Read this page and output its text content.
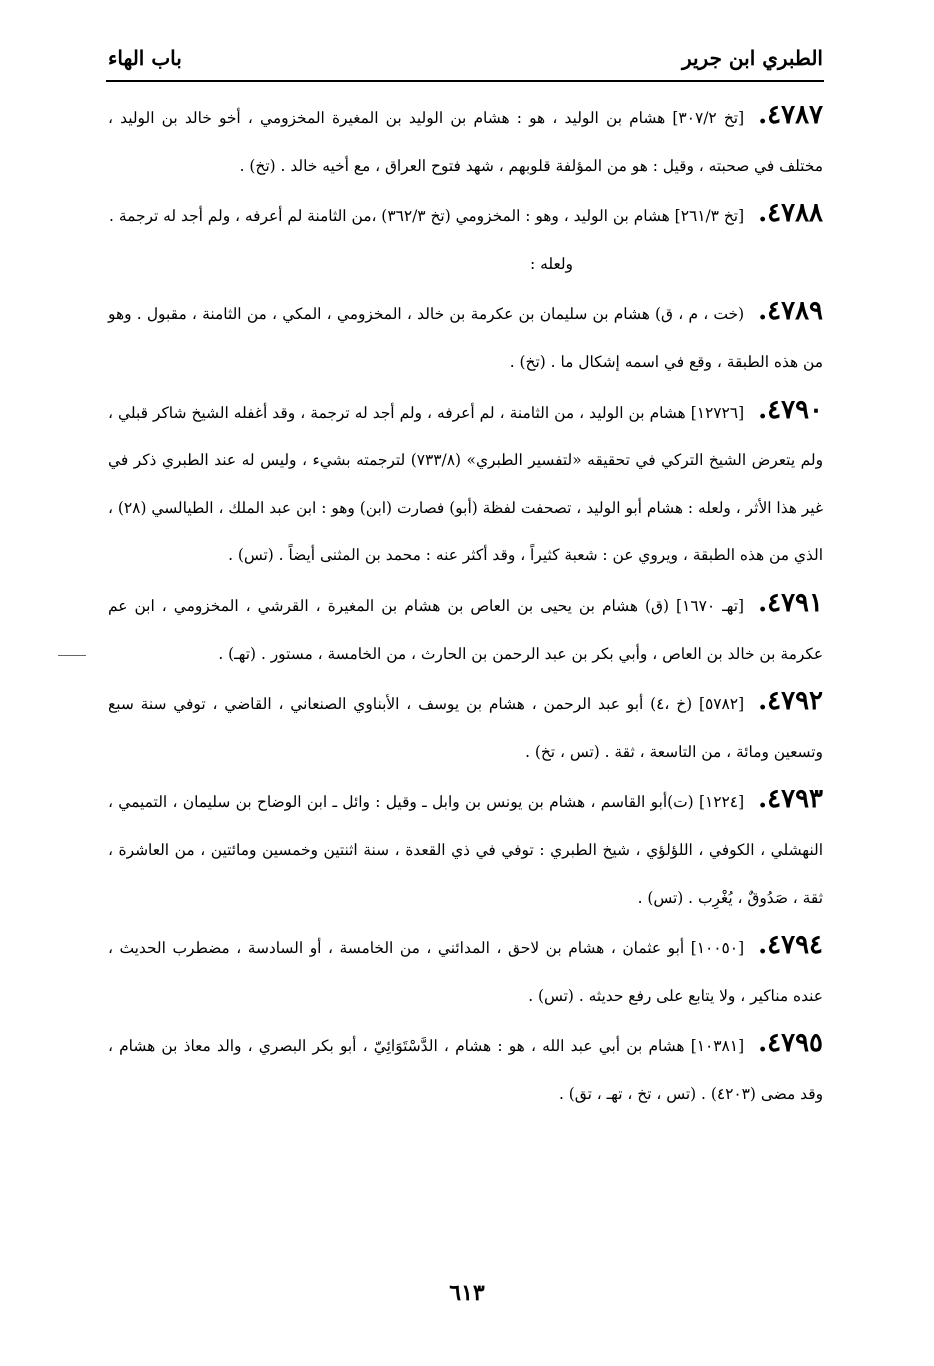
الطبري ابن جرير
باب الهاء

٤٧٨٧.[تخ ٣٠٧/٢] هشام بن الوليد ، هو : هشام بن الوليد بن المغيرة المخزومي ، أخو خالد بن الوليد ، مختلف في صحبته ، وقيل : هو من المؤلفة قلوبهم ، شهد فتوح العراق ، مع أخيه خالد . (تخ) .

٤٧٨٨.[تخ ٢٦١/٣] هشام بن الوليد ، وهو : المخزومي (تخ ٣٦٢/٣) ،من الثامنة لم أعرفه ، ولم أجد له ترجمة .

ولعله :

٤٧٨٩.(خت ، م ، ق) هشام بن سليمان بن عكرمة بن خالد ، المخزومي ، المكي ، من الثامنة ، مقبول . وهو من هذه الطبقة ، وقع في اسمه إشكال ما . (تخ) .

٤٧٩٠.[١٢٧٢٦] هشام بن الوليد ، من الثامنة ، لم أعرفه ، ولم أجد له ترجمة ، وقد أغفله الشيخ شاكر قبلي ، ولم يتعرض الشيخ التركي في تحقيقه «لتفسير الطبري» (٧٣٣/٨) لترجمته بشيء ، وليس له عند الطبري ذكر في غير هذا الأثر ، ولعله : هشام أبو الوليد ، تصحفت لفظة (أبو) فصارت (ابن) وهو : ابن عبد الملك ، الطيالسي (٢٨) ، الذي من هذه الطبقة ، ويروي عن : شعبة كثيراً ، وقد أكثر عنه : محمد بن المثنى أيضاً . (تس) .

٤٧٩١.[تهـ ١٦٧٠] (ق) هشام بن يحيى بن العاص بن هشام بن المغيرة ، القرشي ، المخزومي ، ابن عم عكرمة بن خالد بن العاص ، وأبي بكر بن عبد الرحمن بن الحارث ، من الخامسة ، مستور . (تهـ) .

٤٧٩٢.[٥٧٨٢] (خ ،٤) أبو عبد الرحمن ، هشام بن يوسف ، الأبناوي الصنعاني ، القاضي ، توفي سنة سبع وتسعين ومائة ، من التاسعة ، ثقة . (تس ، تخ) .

٤٧٩٣.[١٢٢٤] (ت)أبو القاسم ، هشام بن يونس بن وابل ـ وقيل : وائل ـ ابن الوضاح بن سليمان ، التميمي ، النهشلي ، الكوفي ، اللؤلؤي ، شيخ الطبري : توفي في ذي القعدة ، سنة اثنتين وخمسين ومائتين ، من العاشرة ، ثقة ، صَدُوقٌ ، يُغْرِب . (تس) .

٤٧٩٤.[١٠٠٥٠] أبو عثمان ، هشام بن لاحق ، المدائني ، من الخامسة ، أو السادسة ، مضطرب الحديث ، عنده مناكير ، ولا يتابع على رفع حديثه . (تس) .

٤٧٩٥.[١٠٣٨١] هشام بن أبي عبد الله ، هو : هشام ، الدَّسْتَوَائِيّ ، أبو بكر البصري ، والد معاذ بن هشام ، وقد مضى (٤٢٠٣) . (تس ، تخ ، تهـ ، تق) .

٦١٣
